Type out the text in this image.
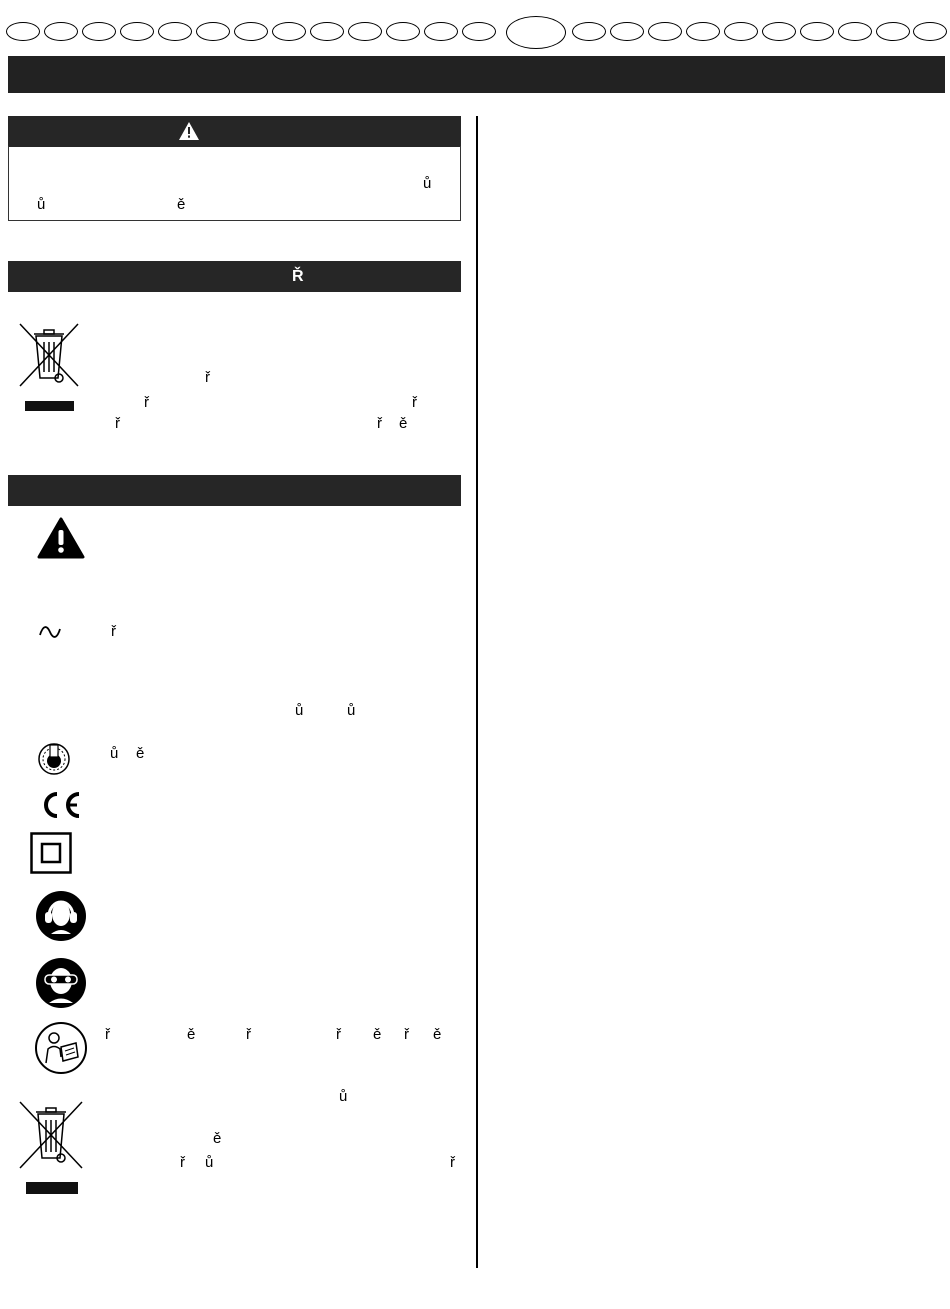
ů
ů	ě
Ř
ř
ř	ř
ř	ř ě
ř
ů	ů
ů ě
ř	ě	ř	ř ě ř ě
ů
ě
ř ů	ř
